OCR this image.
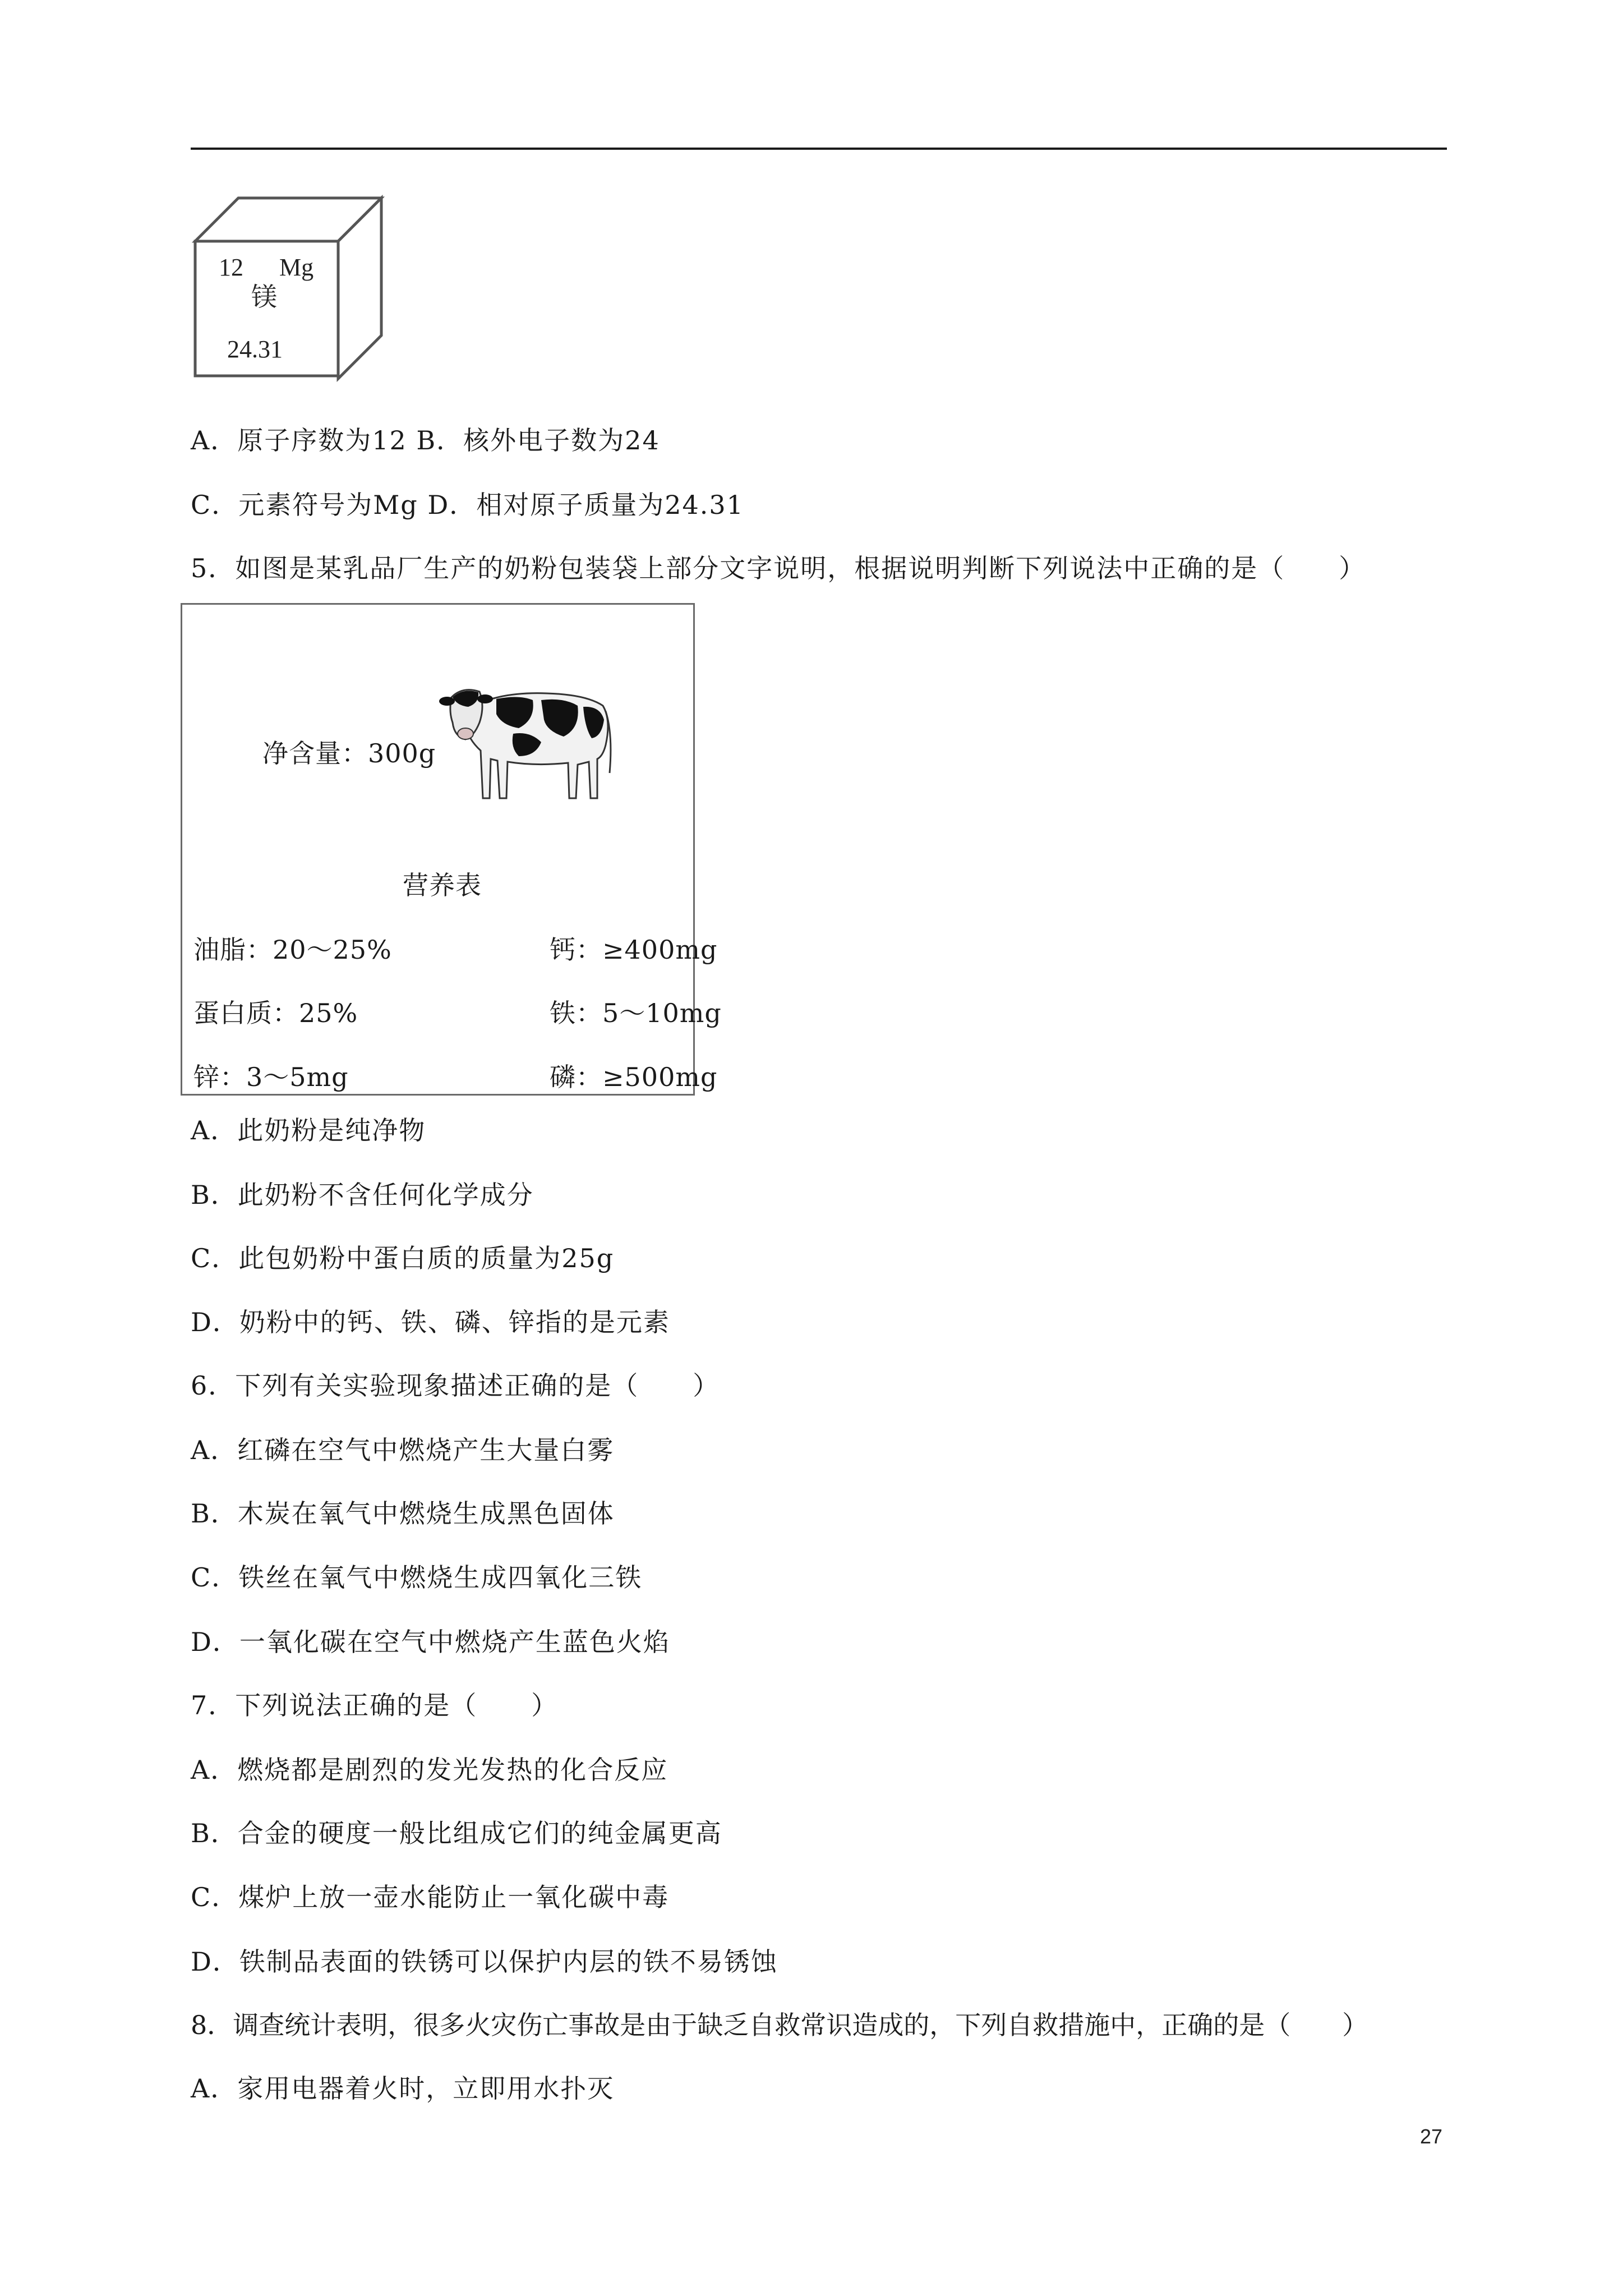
12 Mg
镁
24.31
A．原子序数为12 B．核外电子数为24
C．元素符号为Mg D．相对原子质量为24.31
5．如图是某乳品厂生产的奶粉包装袋上部分文字说明，根据说明判断下列说法中正确的是（　　）
净含量：300g
营养表
油脂：20～25%	钙：≥400mg
蛋白质：25%	铁：5～10mg
锌：3～5mg	磷：≥500mg
A．此奶粉是纯净物
B．此奶粉不含任何化学成分
C．此包奶粉中蛋白质的质量为25g
D．奶粉中的钙、铁、磷、锌指的是元素
6．下列有关实验现象描述正确的是（　　）
A．红磷在空气中燃烧产生大量白雾
B．木炭在氧气中燃烧生成黑色固体
C．铁丝在氧气中燃烧生成四氧化三铁
D．一氧化碳在空气中燃烧产生蓝色火焰
7．下列说法正确的是（　　）
A．燃烧都是剧烈的发光发热的化合反应
B．合金的硬度一般比组成它们的纯金属更高
C．煤炉上放一壶水能防止一氧化碳中毒
D．铁制品表面的铁锈可以保护内层的铁不易锈蚀
8．调查统计表明，很多火灾伤亡事故是由于缺乏自救常识造成的，下列自救措施中，正确的是（　　）
A．家用电器着火时，立即用水扑灭
27
